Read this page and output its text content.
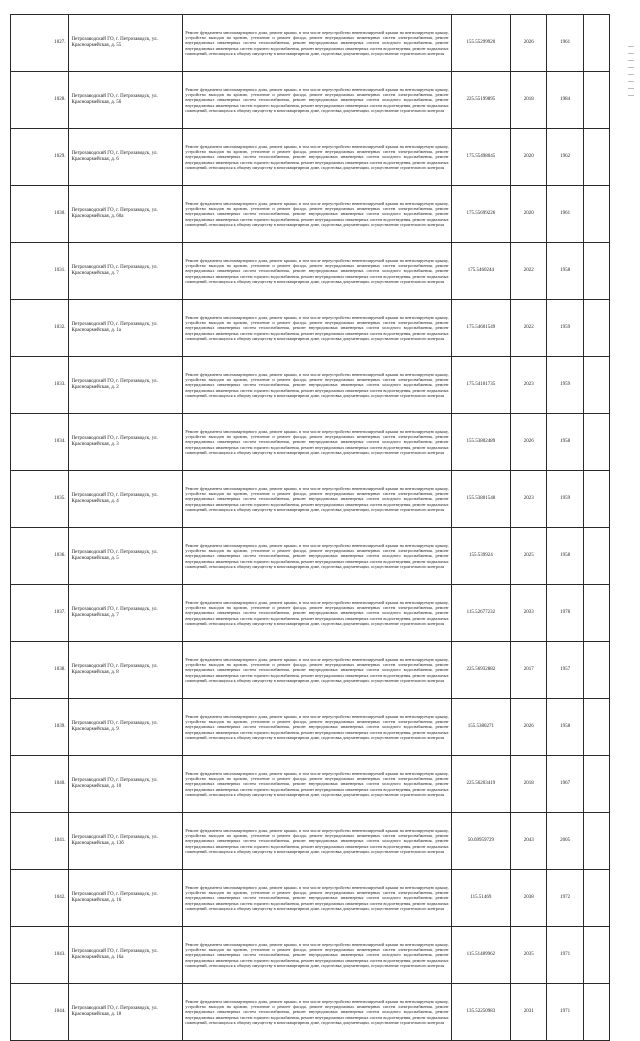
1027.	Петрозаводский ГО, г. Петрозаводск, ул. Красноармейская, д. 55	Ремонт фундамента многоквартирного дома, ремонт крыши, в том числе переустройство невентилируемой крыши на вентилируемую крышу, устройство выходов на кровлю, утепление и ремонт фасада, ремонт внутридомовых инженерных систем электроснабжения, ремонт внутридомовых инженерных систем теплоснабжения, ремонт внутридомовых инженерных систем холодного водоснабжения, ремонт внутридомовых инженерных систем горячего водоснабжения, ремонт внутридомовых инженерных систем водоотведения, ремонт подвальных помещений, относящихся к общему имуществу в многоквартирном доме, подготовка документации, осуществление строительного контроля	155.55299920	2026	1961	
1028.	Петрозаводский ГО, г. Петрозаводск, ул. Красноармейская, д. 56	Ремонт фундамента многоквартирного дома, ремонт крыши, в том числе переустройство невентилируемой крыши на вентилируемую крышу, устройство выходов на кровлю, утепление и ремонт фасада, ремонт внутридомовых инженерных систем электроснабжения, ремонт внутридомовых инженерных систем теплоснабжения, ремонт внутридомовых инженерных систем холодного водоснабжения, ремонт внутридомовых инженерных систем горячего водоснабжения, ремонт внутридомовых инженерных систем водоотведения, ремонт подвальных помещений, относящихся к общему имуществу в многоквартирном доме, подготовка документации, осуществление строительного контроля	225.55199895	2018	1984	
1029.	Петрозаводский ГО, г. Петрозаводск, ул. Красноармейская, д. 6	Ремонт фундамента многоквартирного дома, ремонт крыши, в том числе переустройство невентилируемой крыши на вентилируемую крышу, устройство выходов на кровлю, утепление и ремонт фасада, ремонт внутридомовых инженерных систем электроснабжения, ремонт внутридомовых инженерных систем теплоснабжения, ремонт внутридомовых инженерных систем холодного водоснабжения, ремонт внутридомовых инженерных систем горячего водоснабжения, ремонт внутридомовых инженерных систем водоотведения, ремонт подвальных помещений, относящихся к общему имуществу в многоквартирном доме, подготовка документации, осуществление строительного контроля	175.55498045	2020	1962	
1030.	Петрозаводский ГО, г. Петрозаводск, ул. Красноармейская, д. 60а	Ремонт фундамента многоквартирного дома, ремонт крыши, в том числе переустройство невентилируемой крыши на вентилируемую крышу, устройство выходов на кровлю, утепление и ремонт фасада, ремонт внутридомовых инженерных систем электроснабжения, ремонт внутридомовых инженерных систем теплоснабжения, ремонт внутридомовых инженерных систем холодного водоснабжения, ремонт внутридомовых инженерных систем горячего водоснабжения, ремонт внутридомовых инженерных систем водоотведения, ремонт подвальных помещений, относящихся к общему имуществу в многоквартирном доме, подготовка документации, осуществление строительного контроля	175.55699226	2020	1961	
1031.	Петрозаводский ГО, г. Петрозаводск, ул. Красноармейская, д. 7	Ремонт фундамента многоквартирного дома, ремонт крыши, в том числе переустройство невентилируемой крыши на вентилируемую крышу, устройство выходов на кровлю, утепление и ремонт фасада, ремонт внутридомовых инженерных систем электроснабжения, ремонт внутридомовых инженерных систем теплоснабжения, ремонт внутридомовых инженерных систем холодного водоснабжения, ремонт внутридомовых инженерных систем горячего водоснабжения, ремонт внутридомовых инженерных систем водоотведения, ремонт подвальных помещений, относящихся к общему имуществу в многоквартирном доме, подготовка документации, осуществление строительного контроля	175.5460244	2022	1958	
1032.	Петрозаводский ГО, г. Петрозаводск, ул. Красноармейская, д. 1а	Ремонт фундамента многоквартирного дома, ремонт крыши, в том числе переустройство невентилируемой крыши на вентилируемую крышу, устройство выходов на кровлю, утепление и ремонт фасада, ремонт внутридомовых инженерных систем электроснабжения, ремонт внутридомовых инженерных систем теплоснабжения, ремонт внутридомовых инженерных систем холодного водоснабжения, ремонт внутридомовых инженерных систем горячего водоснабжения, ремонт внутридомовых инженерных систем водоотведения, ремонт подвальных помещений, относящихся к общему имуществу в многоквартирном доме, подготовка документации, осуществление строительного контроля	175.54601549	2022	1959	
1033.	Петрозаводский ГО, г. Петрозаводск, ул. Красноармейская, д. 2	Ремонт фундамента многоквартирного дома, ремонт крыши, в том числе переустройство невентилируемой крыши на вентилируемую крышу, устройство выходов на кровлю, утепление и ремонт фасада, ремонт внутридомовых инженерных систем электроснабжения, ремонт внутридомовых инженерных систем теплоснабжения, ремонт внутридомовых инженерных систем холодного водоснабжения, ремонт внутридомовых инженерных систем горячего водоснабжения, ремонт внутридомовых инженерных систем водоотведения, ремонт подвальных помещений, относящихся к общему имуществу в многоквартирном доме, подготовка документации, осуществление строительного контроля	175.54101735	2023	1959	
1034.	Петрозаводский ГО, г. Петрозаводск, ул. Красноармейская, д. 3	Ремонт фундамента многоквартирного дома, ремонт крыши, в том числе переустройство невентилируемой крыши на вентилируемую крышу, устройство выходов на кровлю, утепление и ремонт фасада, ремонт внутридомовых инженерных систем электроснабжения, ремонт внутридомовых инженерных систем теплоснабжения, ремонт внутридомовых инженерных систем холодного водоснабжения, ремонт внутридомовых инженерных систем горячего водоснабжения, ремонт внутридомовых инженерных систем водоотведения, ремонт подвальных помещений, относящихся к общему имуществу в многоквартирном доме, подготовка документации, осуществление строительного контроля	155.53802489	2026	1958	
1035.	Петрозаводский ГО, г. Петрозаводск, ул. Красноармейская, д. 4	Ремонт фундамента многоквартирного дома, ремонт крыши, в том числе переустройство невентилируемой крыши на вентилируемую крышу, устройство выходов на кровлю, утепление и ремонт фасада, ремонт внутридомовых инженерных систем электроснабжения, ремонт внутридомовых инженерных систем теплоснабжения, ремонт внутридомовых инженерных систем холодного водоснабжения, ремонт внутридомовых инженерных систем горячего водоснабжения, ремонт внутридомовых инженерных систем водоотведения, ремонт подвальных помещений, относящихся к общему имуществу в многоквартирном доме, подготовка документации, осуществление строительного контроля	155.53801548	2023	1959	
1036.	Петрозаводский ГО, г. Петрозаводск, ул. Красноармейская, д. 5	Ремонт фундамента многоквартирного дома, ремонт крыши, в том числе переустройство невентилируемой крыши на вентилируемую крышу, устройство выходов на кровлю, утепление и ремонт фасада, ремонт внутридомовых инженерных систем электроснабжения, ремонт внутридомовых инженерных систем теплоснабжения, ремонт внутридомовых инженерных систем холодного водоснабжения, ремонт внутридомовых инженерных систем горячего водоснабжения, ремонт внутридомовых инженерных систем водоотведения, ремонт подвальных помещений, относящихся к общему имуществу в многоквартирном доме, подготовка документации, осуществление строительного контроля	155.539924	2025	1958	
1037.	Петрозаводский ГО, г. Петрозаводск, ул. Красноармейская, д. 7	Ремонт фундамента многоквартирного дома, ремонт крыши, в том числе переустройство невентилируемой крыши на вентилируемую крышу, устройство выходов на кровлю, утепление и ремонт фасада, ремонт внутридомовых инженерных систем электроснабжения, ремонт внутридомовых инженерных систем теплоснабжения, ремонт внутридомовых инженерных систем холодного водоснабжения, ремонт внутридомовых инженерных систем горячего водоснабжения, ремонт внутридомовых инженерных систем водоотведения, ремонт подвальных помещений, относящихся к общему имуществу в многоквартирном доме, подготовка документации, осуществление строительного контроля	115.52677232	2033	1978	
1038.	Петрозаводский ГО, г. Петрозаводск, ул. Красноармейская, д. 8	Ремонт фундамента многоквартирного дома, ремонт крыши, в том числе переустройство невентилируемой крыши на вентилируемую крышу, устройство выходов на кровлю, утепление и ремонт фасада, ремонт внутридомовых инженерных систем электроснабжения, ремонт внутридомовых инженерных систем теплоснабжения, ремонт внутридомовых инженерных систем холодного водоснабжения, ремонт внутридомовых инженерных систем горячего водоснабжения, ремонт внутридомовых инженерных систем водоотведения, ремонт подвальных помещений, относящихся к общему имуществу в многоквартирном доме, подготовка документации, осуществление строительного контроля	225.56932882	2017	1957	
1039.	Петрозаводский ГО, г. Петрозаводск, ул. Красноармейская, д. 9	Ремонт фундамента многоквартирного дома, ремонт крыши, в том числе переустройство невентилируемой крыши на вентилируемую крышу, устройство выходов на кровлю, утепление и ремонт фасада, ремонт внутридомовых инженерных систем электроснабжения, ремонт внутридомовых инженерных систем теплоснабжения, ремонт внутридомовых инженерных систем холодного водоснабжения, ремонт внутридомовых инженерных систем горячего водоснабжения, ремонт внутридомовых инженерных систем водоотведения, ремонт подвальных помещений, относящихся к общему имуществу в многоквартирном доме, подготовка документации, осуществление строительного контроля	155.5380271	2026	1958	
1040.	Петрозаводский ГО, г. Петрозаводск, ул. Красноармейская, д. 10	Ремонт фундамента многоквартирного дома, ремонт крыши, в том числе переустройство невентилируемой крыши на вентилируемую крышу, устройство выходов на кровлю, утепление и ремонт фасада, ремонт внутридомовых инженерных систем электроснабжения, ремонт внутридомовых инженерных систем теплоснабжения, ремонт внутридомовых инженерных систем холодного водоснабжения, ремонт внутридомовых инженерных систем горячего водоснабжения, ремонт внутридомовых инженерных систем водоотведения, ремонт подвальных помещений, относящихся к общему имуществу в многоквартирном доме, подготовка документации, осуществление строительного контроля	225.56203419	2018	1967	
1041.	Петрозаводский ГО, г. Петрозаводск, ул. Красноармейская, д. 13б	Ремонт фундамента многоквартирного дома, ремонт крыши, в том числе переустройство невентилируемой крыши на вентилируемую крышу, устройство выходов на кровлю, утепление и ремонт фасада, ремонт внутридомовых инженерных систем электроснабжения, ремонт внутридомовых инженерных систем теплоснабжения, ремонт внутридомовых инженерных систем холодного водоснабжения, ремонт внутридомовых инженерных систем горячего водоснабжения, ремонт внутридомовых инженерных систем водоотведения, ремонт подвальных помещений, относящихся к общему имуществу в многоквартирном доме, подготовка документации, осуществление строительного контроля	50.69959729	2043	2005	
1042.	Петрозаводский ГО, г. Петрозаводск, ул. Красноармейская, д. 16	Ремонт фундамента многоквартирного дома, ремонт крыши, в том числе переустройство невентилируемой крыши на вентилируемую крышу, устройство выходов на кровлю, утепление и ремонт фасада, ремонт внутридомовых инженерных систем электроснабжения, ремонт внутридомовых инженерных систем теплоснабжения, ремонт внутридомовых инженерных систем холодного водоснабжения, ремонт внутридомовых инженерных систем горячего водоснабжения, ремонт внутридомовых инженерных систем водоотведения, ремонт подвальных помещений, относящихся к общему имуществу в многоквартирном доме, подготовка документации, осуществление строительного контроля	115.51469	2038	1972	
1043.	Петрозаводский ГО, г. Петрозаводск, ул. Красноармейская, д. 16а	Ремонт фундамента многоквартирного дома, ремонт крыши, в том числе переустройство невентилируемой крыши на вентилируемую крышу, устройство выходов на кровлю, утепление и ремонт фасада, ремонт внутридомовых инженерных систем электроснабжения, ремонт внутридомовых инженерных систем теплоснабжения, ремонт внутридомовых инженерных систем холодного водоснабжения, ремонт внутридомовых инженерных систем горячего водоснабжения, ремонт внутридомовых инженерных систем водоотведения, ремонт подвальных помещений, относящихся к общему имуществу в многоквартирном доме, подготовка документации, осуществление строительного контроля	115.51489962	2035	1971	
1044.	Петрозаводский ГО, г. Петрозаводск, ул. Красноармейская, д. 18	Ремонт фундамента многоквартирного дома, ремонт крыши, в том числе переустройство невентилируемой крыши на вентилируемую крышу, устройство выходов на кровлю, утепление и ремонт фасада, ремонт внутридомовых инженерных систем электроснабжения, ремонт внутридомовых инженерных систем теплоснабжения, ремонт внутридомовых инженерных систем холодного водоснабжения, ремонт внутридомовых инженерных систем горячего водоснабжения, ремонт внутридомовых инженерных систем водоотведения, ремонт подвальных помещений, относящихся к общему имуществу в многоквартирном доме, подготовка документации, осуществление строительного контроля	135.52250983	2031	1971	
